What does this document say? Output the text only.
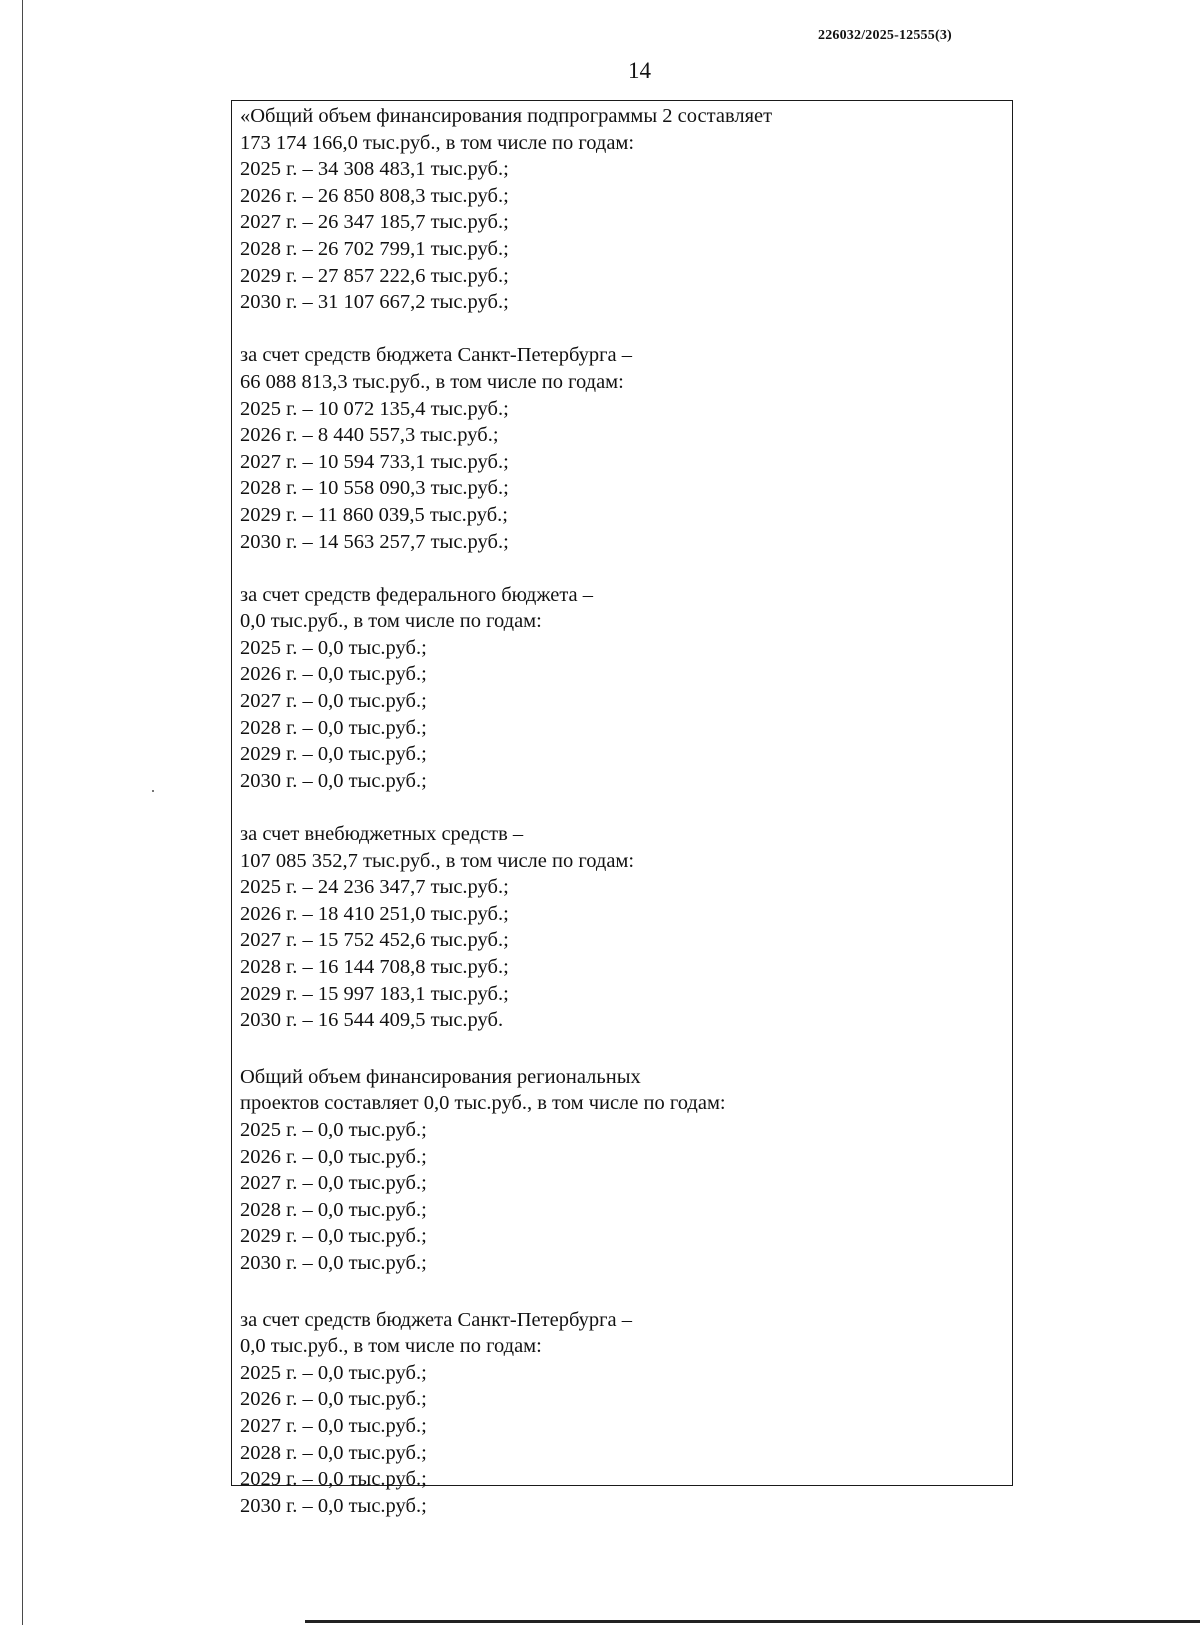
226032/2025-12555(3)
14

«Общий объем финансирования подпрограммы 2 составляет

173 174 166,0 тыс.руб., в том числе по годам:

2025 г. – 34 308 483,1 тыс.руб.;

2026 г. – 26 850 808,3 тыс.руб.;

2027 г. – 26 347 185,7 тыс.руб.;

2028 г. – 26 702 799,1 тыс.руб.;

2029 г. – 27 857 222,6 тыс.руб.;

2030 г. – 31 107 667,2 тыс.руб.;

за счет средств бюджета Санкт-Петербурга –

66 088 813,3 тыс.руб., в том числе по годам:

2025 г. – 10 072 135,4 тыс.руб.;

2026 г. – 8 440 557,3 тыс.руб.;

2027 г. – 10 594 733,1 тыс.руб.;

2028 г. – 10 558 090,3 тыс.руб.;

2029 г. – 11 860 039,5 тыс.руб.;

2030 г. – 14 563 257,7 тыс.руб.;

за счет средств федерального бюджета –

0,0 тыс.руб., в том числе по годам:

2025 г. – 0,0 тыс.руб.;

2026 г. – 0,0 тыс.руб.;

2027 г. – 0,0 тыс.руб.;

2028 г. – 0,0 тыс.руб.;

2029 г. – 0,0 тыс.руб.;

2030 г. – 0,0 тыс.руб.;

за счет внебюджетных средств –

107 085 352,7 тыс.руб., в том числе по годам:

2025 г. – 24 236 347,7 тыс.руб.;

2026 г. – 18 410 251,0 тыс.руб.;

2027 г. – 15 752 452,6 тыс.руб.;

2028 г. – 16 144 708,8 тыс.руб.;

2029 г. – 15 997 183,1 тыс.руб.;

2030 г. – 16 544 409,5 тыс.руб.

Общий объем финансирования региональных

проектов составляет 0,0 тыс.руб., в том числе по годам:

2025 г. – 0,0 тыс.руб.;

2026 г. – 0,0 тыс.руб.;

2027 г. – 0,0 тыс.руб.;

2028 г. – 0,0 тыс.руб.;

2029 г. – 0,0 тыс.руб.;

2030 г. – 0,0 тыс.руб.;

за счет средств бюджета Санкт-Петербурга –

0,0 тыс.руб., в том числе по годам:

2025 г. – 0,0 тыс.руб.;

2026 г. – 0,0 тыс.руб.;

2027 г. – 0,0 тыс.руб.;

2028 г. – 0,0 тыс.руб.;

2029 г. – 0,0 тыс.руб.;

2030 г. – 0,0 тыс.руб.;
